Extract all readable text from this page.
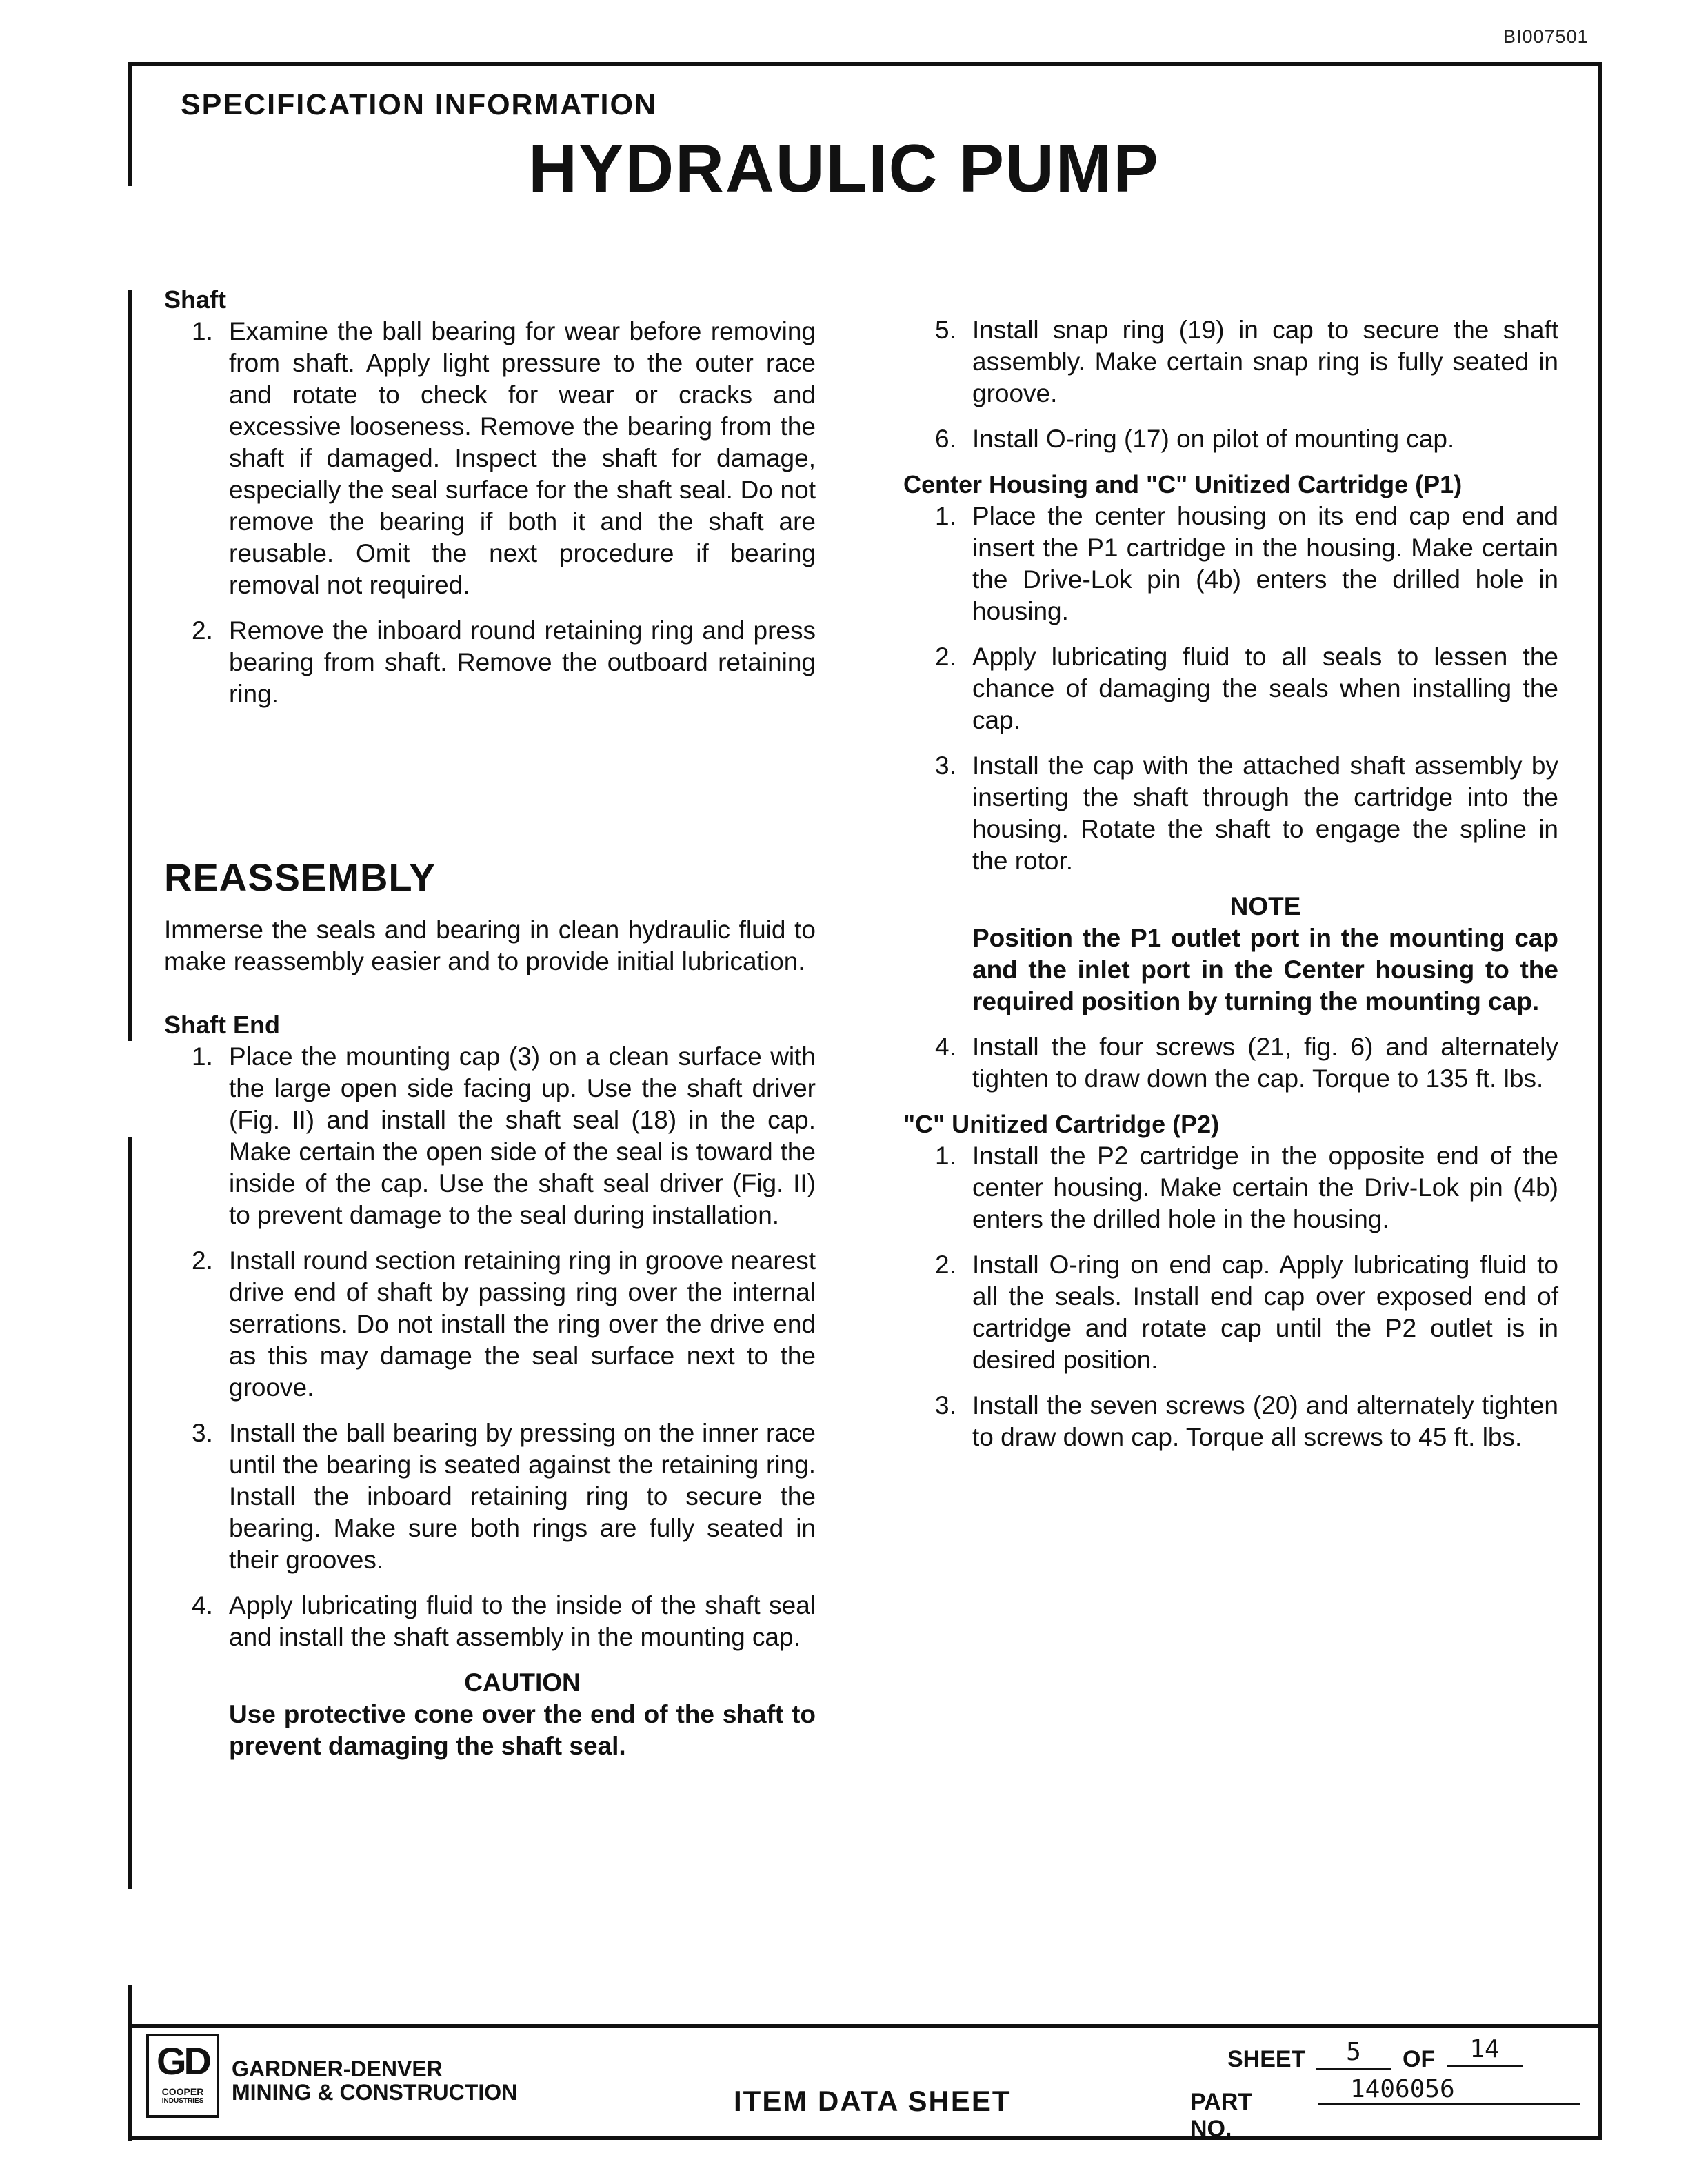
BI007501
SPECIFICATION INFORMATION
HYDRAULIC PUMP

Shaft

1. Examine the ball bearing for wear before removing from shaft. Apply light pressure to the outer race and rotate to check for wear or cracks and excessive looseness. Remove the bearing from the shaft if damaged. Inspect the shaft for damage, especially the seal surface for the shaft seal. Do not remove the bearing if both it and the shaft are reusable. Omit the next procedure if bearing removal not required.
2. Remove the inboard round retaining ring and press bearing from shaft. Remove the outboard retaining ring.

REASSEMBLY

Immerse the seals and bearing in clean hydraulic fluid to make reassembly easier and to provide initial lubrication.

Shaft End

1. Place the mounting cap (3) on a clean surface with the large open side facing up. Use the shaft driver (Fig. II) and install the shaft seal (18) in the cap. Make certain the open side of the seal is toward the inside of the cap. Use the shaft seal driver (Fig. II) to prevent damage to the seal during installation.
2. Install round section retaining ring in groove nearest drive end of shaft by passing ring over the internal serrations. Do not install the ring over the drive end as this may damage the seal surface next to the groove.
3. Install the ball bearing by pressing on the inner race until the bearing is seated against the retaining ring. Install the inboard retaining ring to secure the bearing. Make sure both rings are fully seated in their grooves.
4. Apply lubricating fluid to the inside of the shaft seal and install the shaft assembly in the mounting cap.
CAUTION
Use protective cone over the end of the shaft to prevent damaging the shaft seal.
5. Install snap ring (19) in cap to secure the shaft assembly. Make certain snap ring is fully seated in groove.
6. Install O-ring (17) on pilot of mounting cap.

Center Housing and "C" Unitized Cartridge (P1)

1. Place the center housing on its end cap end and insert the P1 cartridge in the housing. Make certain the Drive-Lok pin (4b) enters the drilled hole in housing.
2. Apply lubricating fluid to all seals to lessen the chance of damaging the seals when installing the cap.
3. Install the cap with the attached shaft assembly by inserting the shaft through the cartridge into the housing. Rotate the shaft to engage the spline in the rotor.
NOTE
Position the P1 outlet port in the mounting cap and the inlet port in the Center housing to the required position by turning the mounting cap.
4. Install the four screws (21, fig. 6) and alternately tighten to draw down the cap. Torque to 135 ft. lbs.

"C" Unitized Cartridge (P2)

1. Install the P2 cartridge in the opposite end of the center housing. Make certain the Driv-Lok pin (4b) enters the drilled hole in the housing.
2. Install O-ring on end cap. Apply lubricating fluid to all the seals. Install end cap over exposed end of cartridge and rotate cap until the P2 outlet is in desired position.
3. Install the seven screws (20) and alternately tighten to draw down cap. Torque all screws to 45 ft. lbs.
GD
COOPER
INDUSTRIES
GARDNER-DENVER
MINING & CONSTRUCTION	ITEM DATA SHEET
SHEET	5	OF	14
PART NO.
1406056
